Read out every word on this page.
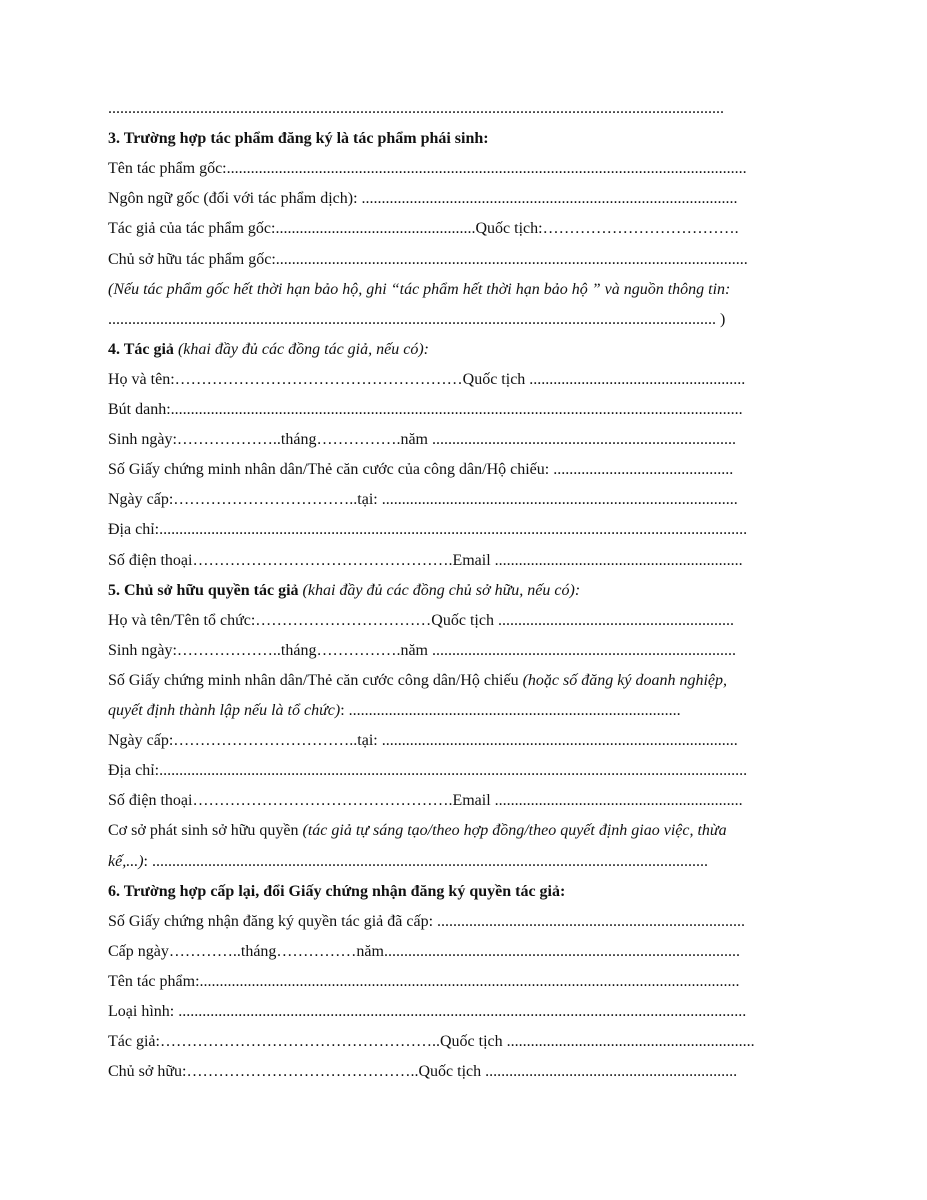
..........................................................................................................................................................
3. Trường hợp tác phẩm đăng ký là tác phẩm phái sinh:
Tên tác phẩm gốc:..................................................................................................................................
Ngôn ngữ gốc (đối với tác phẩm dịch): ..............................................................................................
Tác giả của tác phẩm gốc:..................................................Quốc tịch:……………………………….
Chủ sở hữu tác phẩm gốc:......................................................................................................................
(Nếu tác phẩm gốc hết thời hạn bảo hộ, ghi “tác phẩm hết thời hạn bảo hộ ” và nguồn thông tin:
........................................................................................................................................................ )
4. Tác giả (khai đầy đủ các đồng tác giả, nếu có):
Họ và tên:………………………………………………Quốc tịch ......................................................
Bút danh:...............................................................................................................................................
Sinh ngày:………………..tháng…………….năm ............................................................................
Số Giấy chứng minh nhân dân/Thẻ căn cước của công dân/Hộ chiếu: .............................................
Ngày cấp:……………………………..tại: .........................................................................................
Địa chỉ:...................................................................................................................................................
Số điện thoại………………………………………….Email ..............................................................
5. Chủ sở hữu quyền tác giả (khai đầy đủ các đồng chủ sở hữu, nếu có):
Họ và tên/Tên tổ chức:……………………………Quốc tịch ...........................................................
Sinh ngày:………………..tháng…………….năm ............................................................................
Số Giấy chứng minh nhân dân/Thẻ căn cước công dân/Hộ chiếu (hoặc số đăng ký doanh nghiệp,
quyết định thành lập nếu là tổ chức): ...................................................................................
Ngày cấp:……………………………..tại: .........................................................................................
Địa chỉ:...................................................................................................................................................
Số điện thoại………………………………………….Email ..............................................................
Cơ sở phát sinh sở hữu quyền (tác giả tự sáng tạo/theo hợp đồng/theo quyết định giao việc, thừa
kế,...): ...........................................................................................................................................
6. Trường hợp cấp lại, đổi Giấy chứng nhận đăng ký quyền tác giả:
Số Giấy chứng nhận đăng ký quyền tác giả đã cấp: .............................................................................
Cấp ngày…………..tháng……………năm.........................................................................................
Tên tác phẩm:.......................................................................................................................................
Loại hình: ..............................................................................................................................................
Tác giả:……………………………………………..Quốc tịch ..............................................................
Chủ sở hữu:……………………………………..Quốc tịch ...............................................................
